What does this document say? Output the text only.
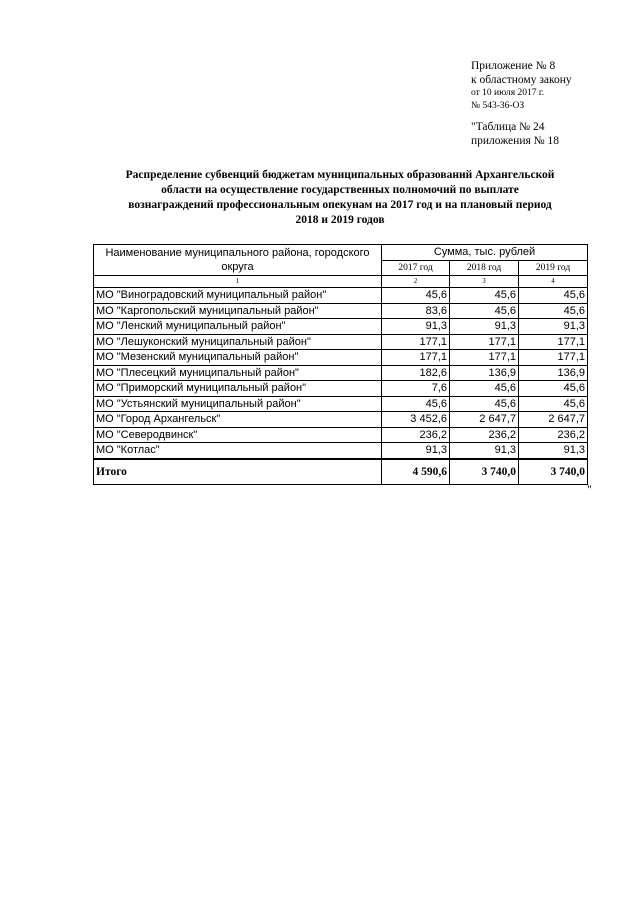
Приложение № 8
к областному закону
от 10 июля 2017 г.
№ 543-36-ОЗ
"Таблица № 24
приложения № 18
Распределение субвенций бюджетам муниципальных образований Архангельской
области на осуществление государственных полномочий по выплате
вознаграждений профессиональным опекунам на 2017 год и на плановый период
2018 и 2019 годов
Наименование муниципального района, городского округа	Сумма, тыс. рублей		
	2017 год	2018 год	2019 год
1	2	3	4
МО "Виноградовский муниципальный район"	45,6	45,6	45,6
МО "Каргопольский муниципальный район"	83,6	45,6	45,6
МО "Ленский муниципальный район"	91,3	91,3	91,3
МО "Лешуконский муниципальный район"	177,1	177,1	177,1
МО "Мезенский муниципальный район"	177,1	177,1	177,1
МО "Плесецкий муниципальный район"	182,6	136,9	136,9
МО "Приморский муниципальный район"	7,6	45,6	45,6
МО "Устьянский муниципальный район"	45,6	45,6	45,6
МО "Город Архангельск"	3 452,6	2 647,7	2 647,7
МО "Северодвинск"	236,2	236,2	236,2
МО "Котлас"	91,3	91,3	91,3
Итого	4 590,6	3 740,0	3 740,0
"
